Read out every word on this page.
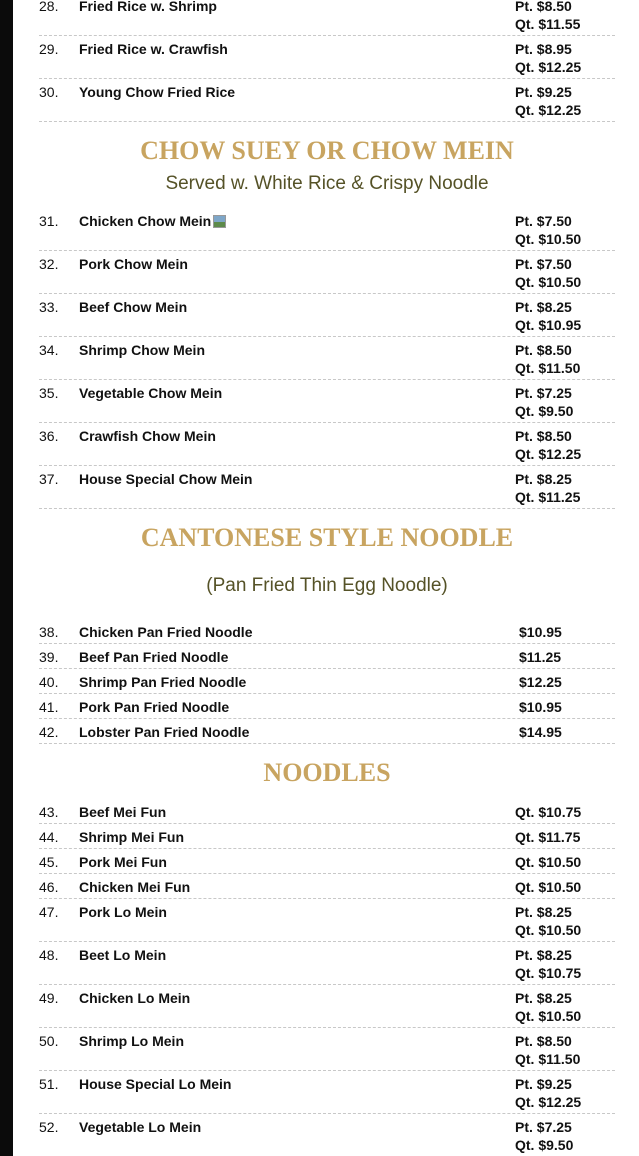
28. Fried Rice w. Shrimp	Pt. $8.50
Qt. $11.55
29. Fried Rice w. Crawfish	Pt. $8.95
Qt. $12.25
30. Young Chow Fried Rice	Pt. $9.25
Qt. $12.25
CHOW SUEY OR CHOW MEIN
Served w. White Rice & Crispy Noodle
31. Chicken Chow Mein	Pt. $7.50
Qt. $10.50
32. Pork Chow Mein	Pt. $7.50
Qt. $10.50
33. Beef Chow Mein	Pt. $8.25
Qt. $10.95
34. Shrimp Chow Mein	Pt. $8.50
Qt. $11.50
35. Vegetable Chow Mein	Pt. $7.25
Qt. $9.50
36. Crawfish Chow Mein	Pt. $8.50
Qt. $12.25
37. House Special Chow Mein	Pt. $8.25
Qt. $11.25
CANTONESE STYLE NOODLE
(Pan Fried Thin Egg Noodle)
38. Chicken Pan Fried Noodle	$10.95
39. Beef Pan Fried Noodle	$11.25
40. Shrimp Pan Fried Noodle	$12.25
41. Pork Pan Fried Noodle	$10.95
42. Lobster Pan Fried Noodle	$14.95
NOODLES
43. Beef Mei Fun	Qt. $10.75
44. Shrimp Mei Fun	Qt. $11.75
45. Pork Mei Fun	Qt. $10.50
46. Chicken Mei Fun	Qt. $10.50
47. Pork Lo Mein	Pt. $8.25
Qt. $10.50
48. Beet Lo Mein	Pt. $8.25
Qt. $10.75
49. Chicken Lo Mein	Pt. $8.25
Qt. $10.50
50. Shrimp Lo Mein	Pt. $8.50
Qt. $11.50
51. House Special Lo Mein	Pt. $9.25
Qt. $12.25
52. Vegetable Lo Mein	Pt. $7.25
Qt. $9.50
